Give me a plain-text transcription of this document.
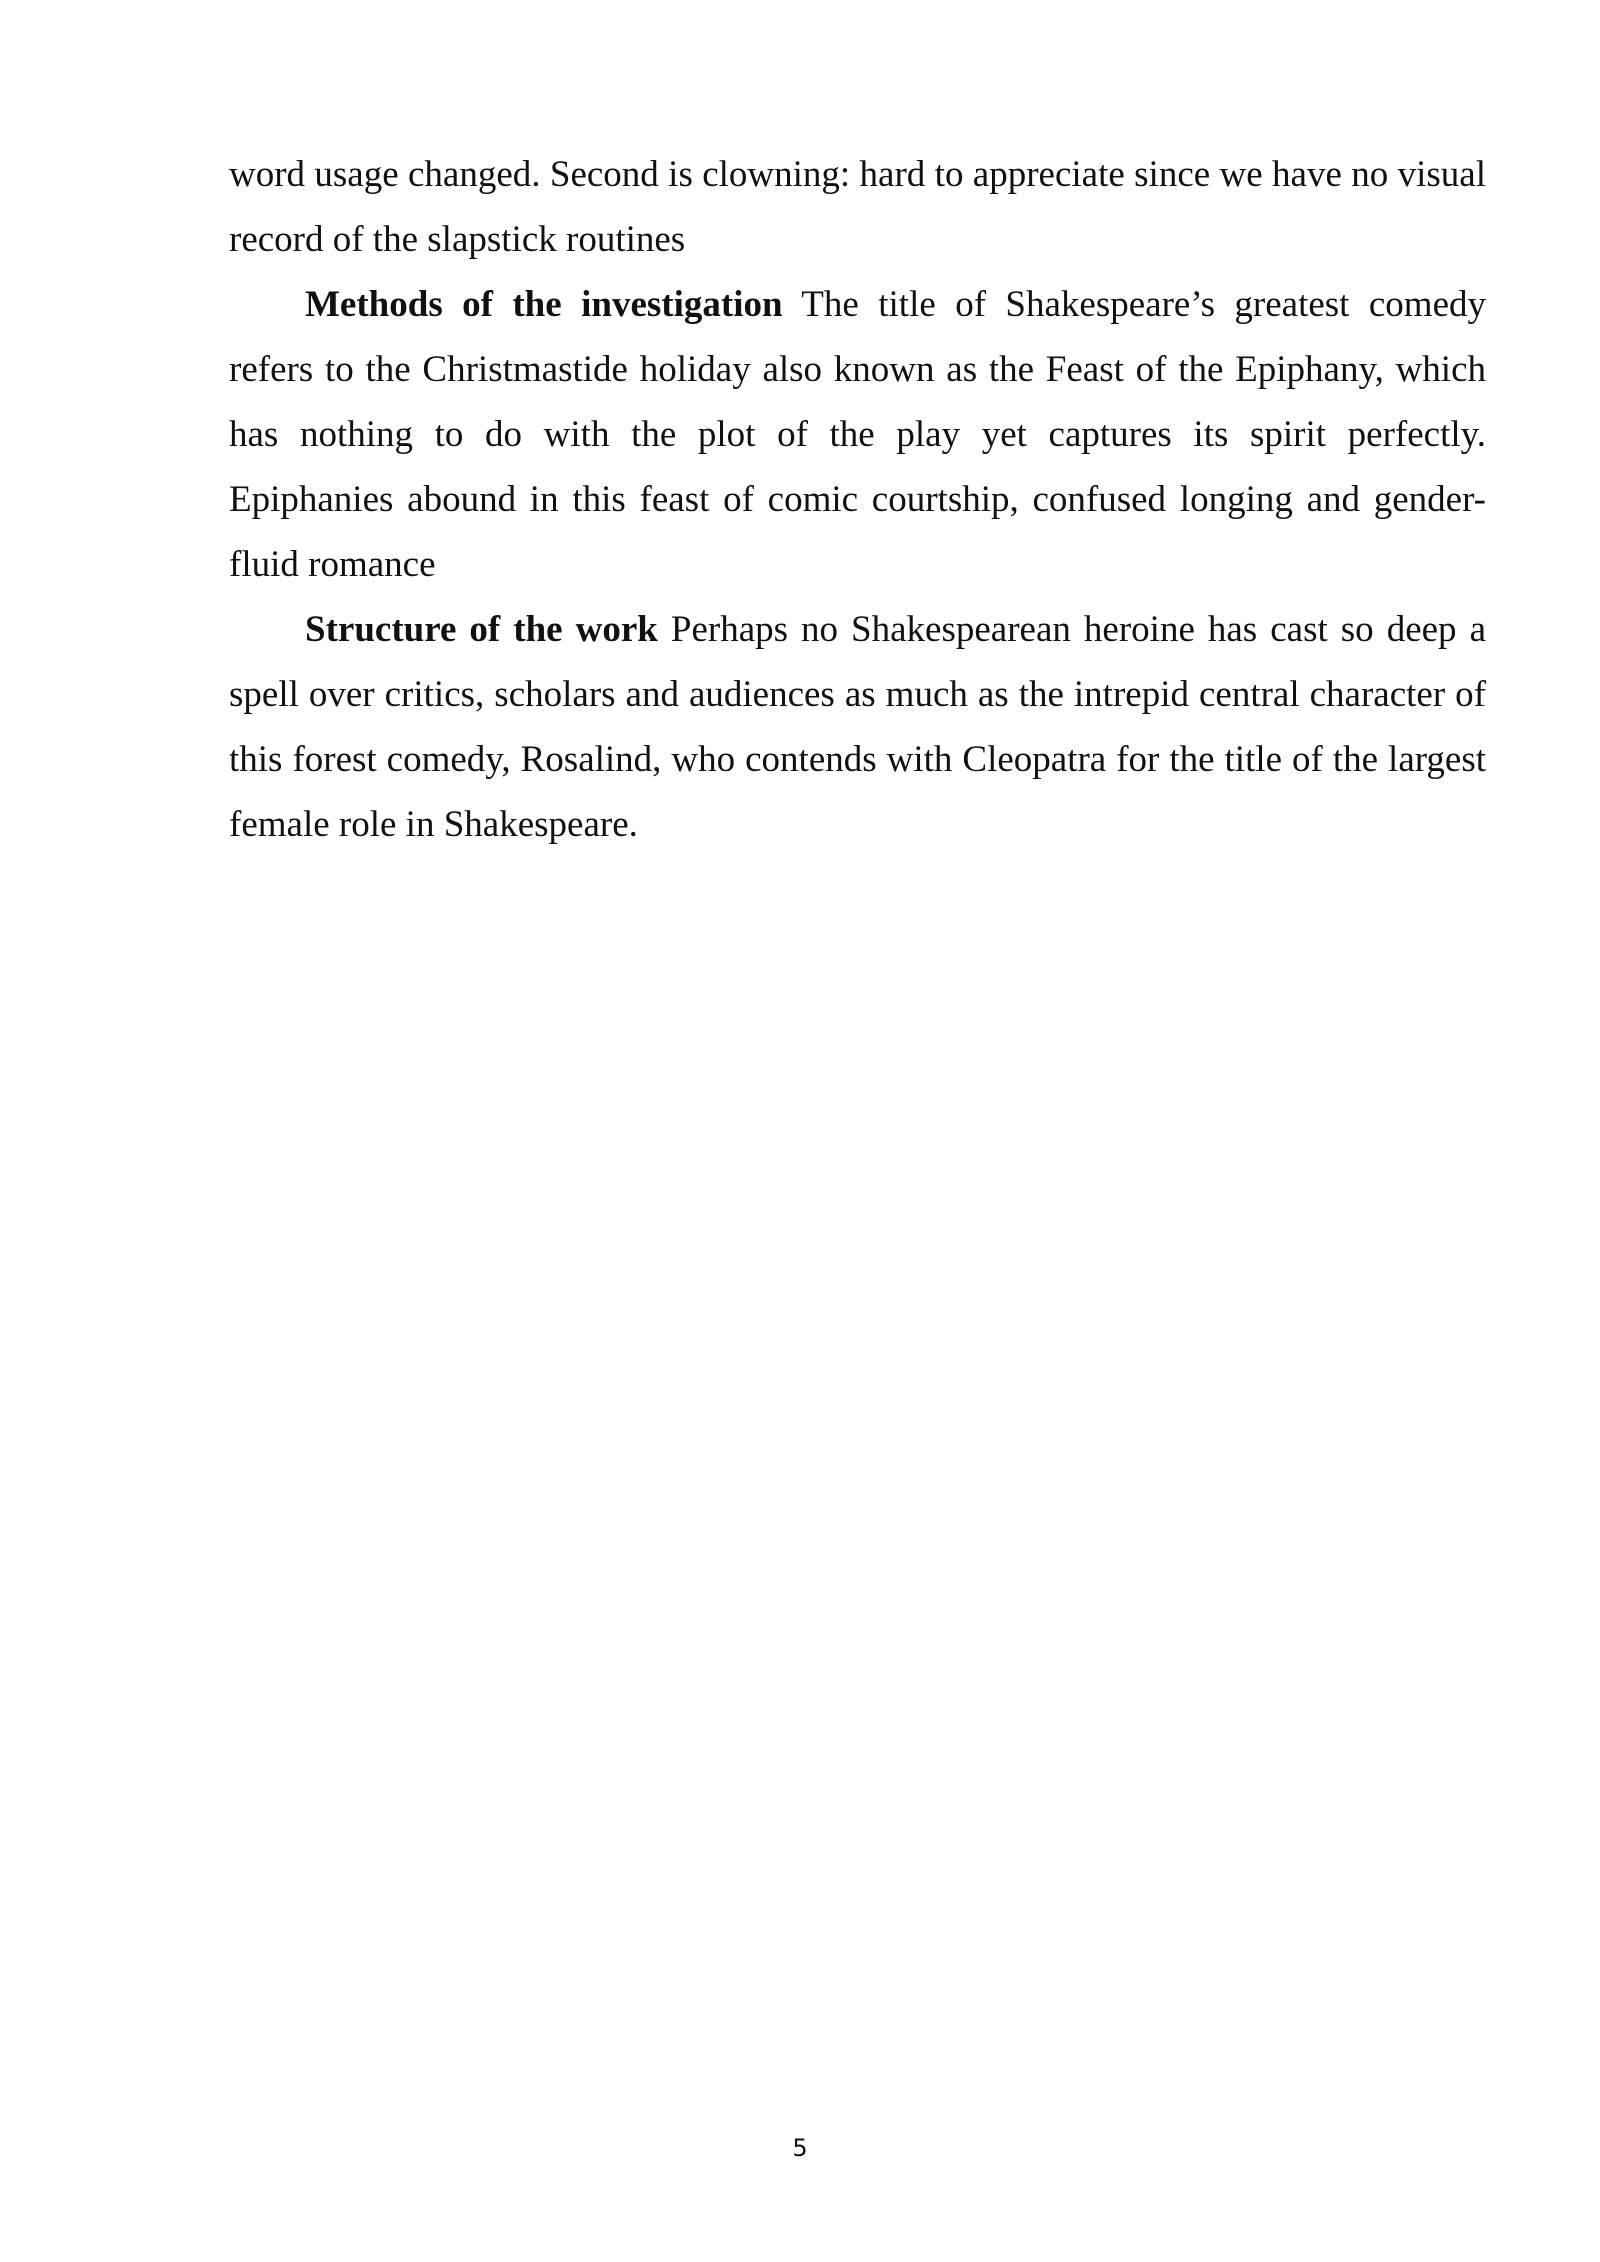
word usage changed. Second is clowning: hard to appreciate since we have no visual record of the slapstick routines

Methods of the investigation The title of Shakespeare’s greatest comedy refers to the Christmastide holiday also known as the Feast of the Epiphany, which has nothing to do with the plot of the play yet captures its spirit perfectly. Epiphanies abound in this feast of comic courtship, confused longing and gender-fluid romance

Structure of the work Perhaps no Shakespearean heroine has cast so deep a spell over critics, scholars and audiences as much as the intrepid central character of this forest comedy, Rosalind, who contends with Cleopatra for the title of the largest female role in Shakespeare.

5
